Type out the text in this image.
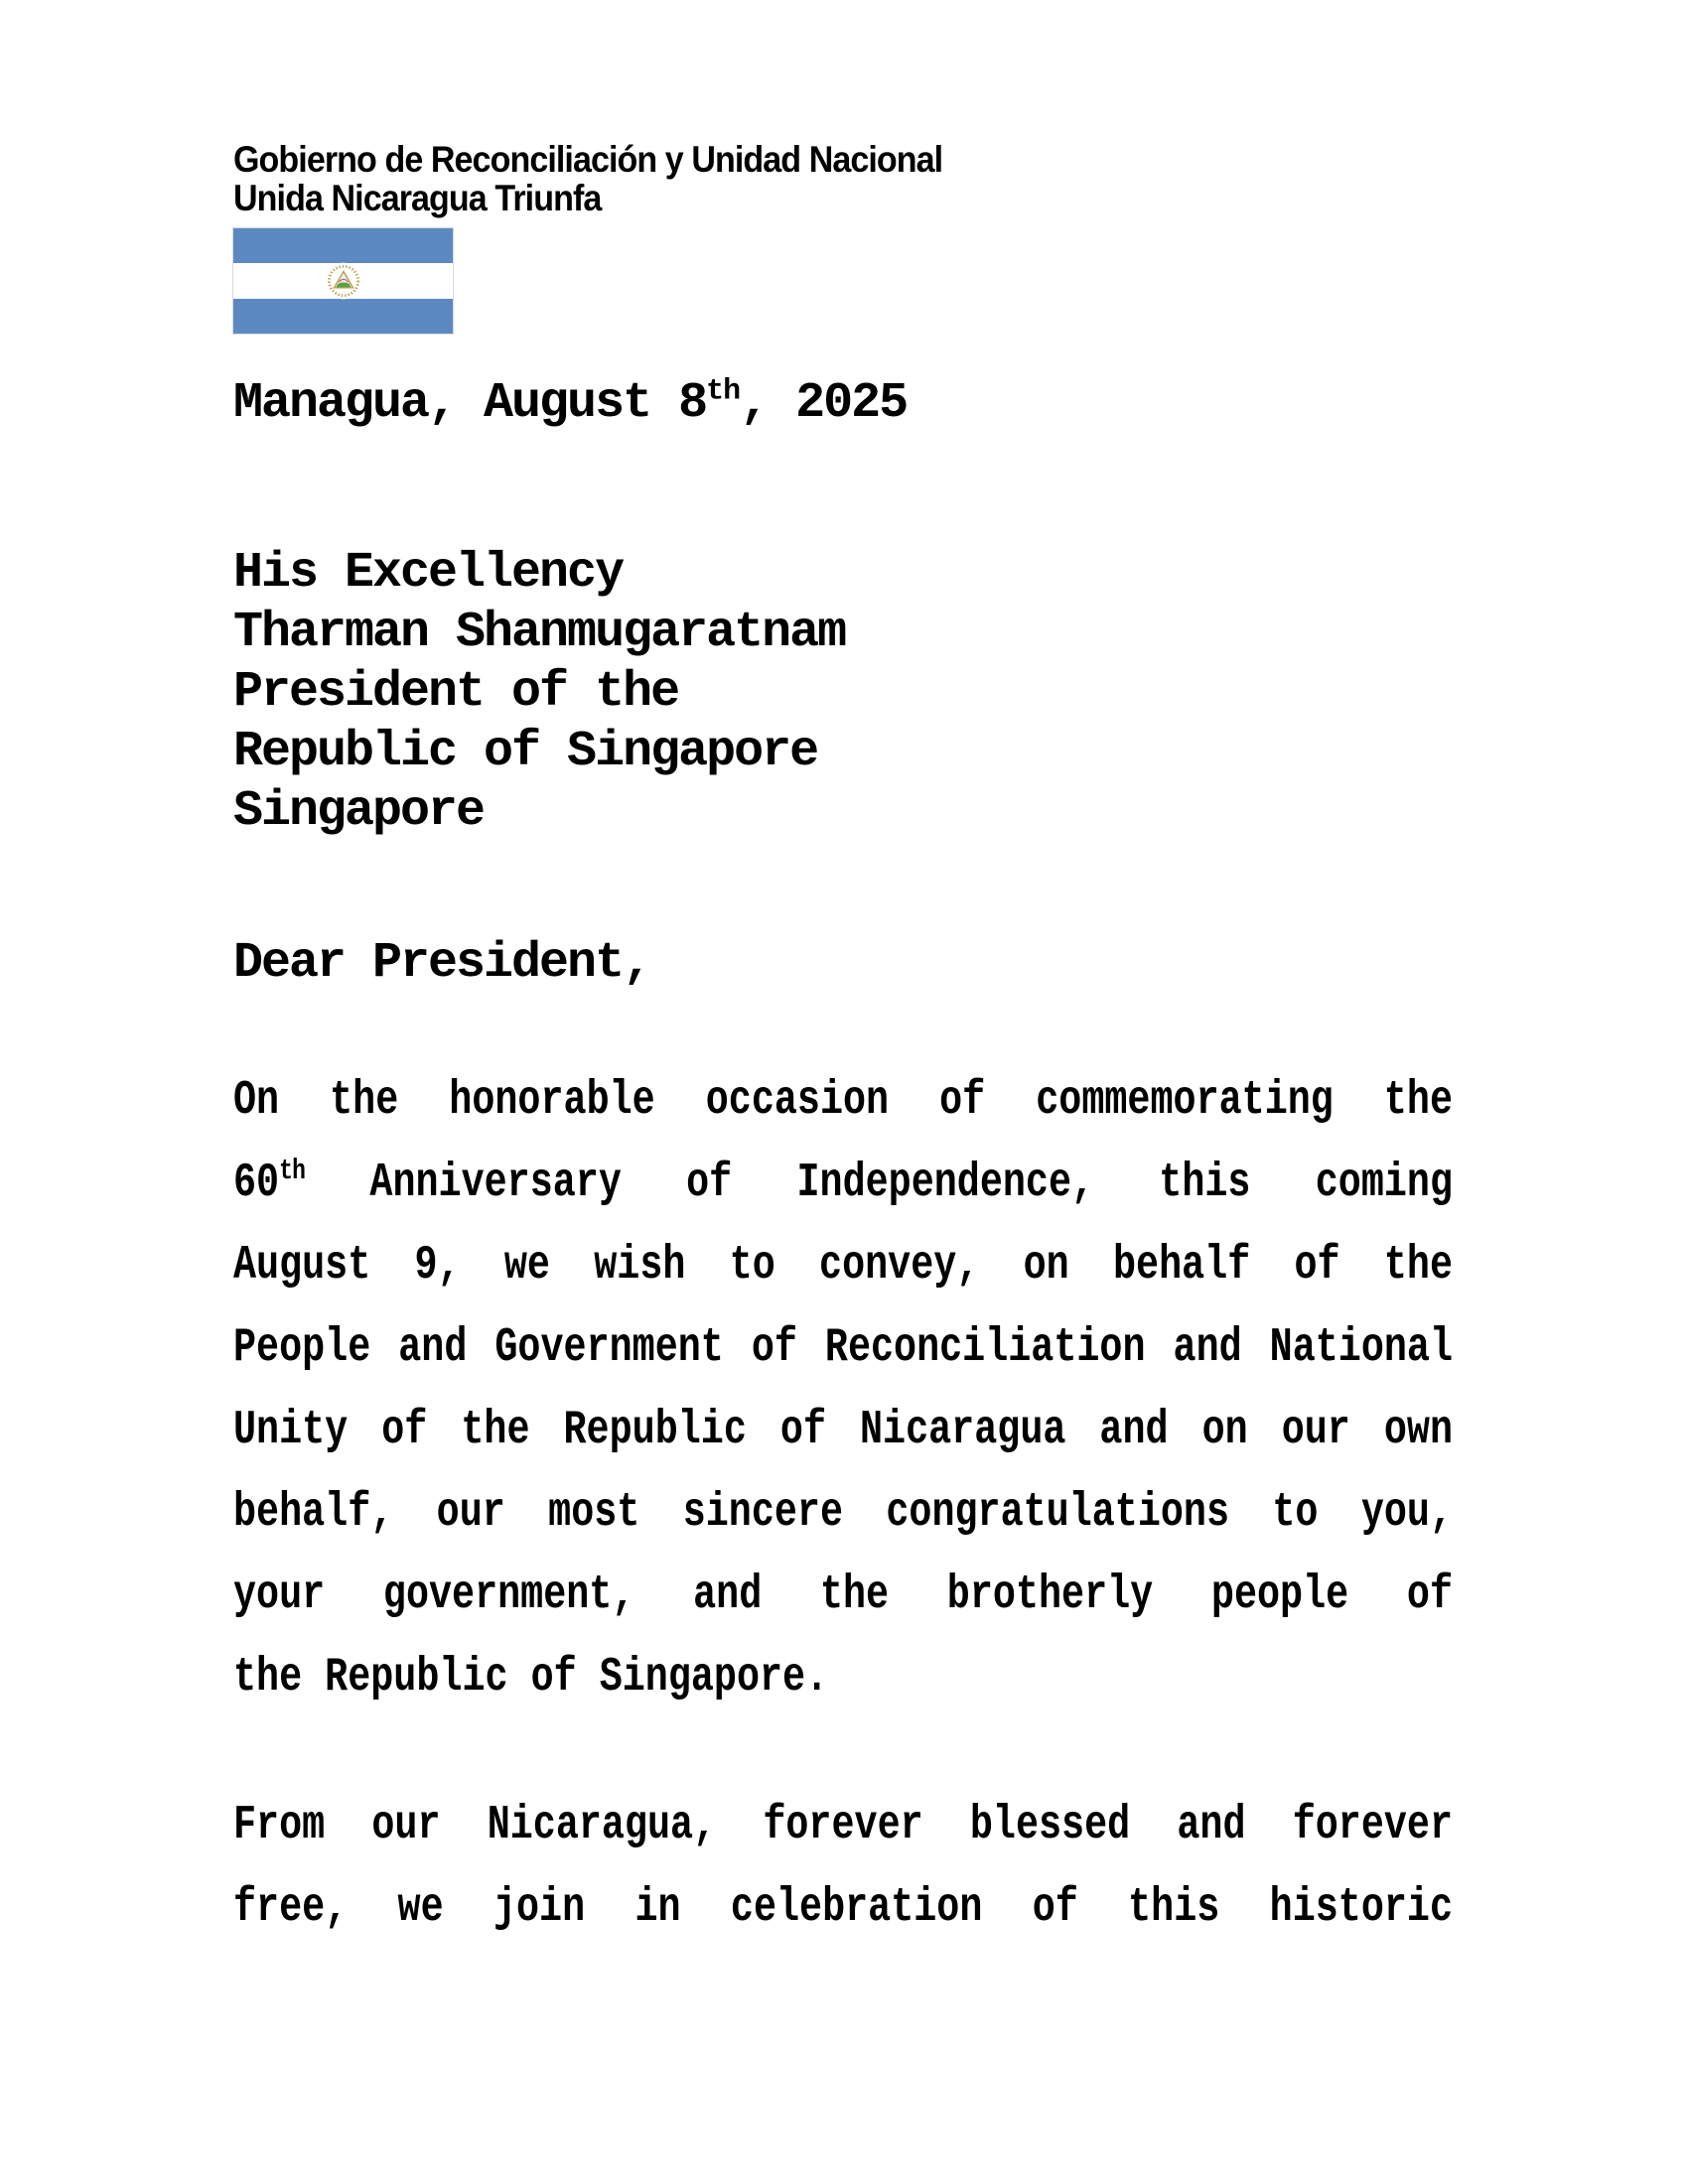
Gobierno de Reconciliación y Unidad Nacional
Unida Nicaragua Triunfa
Managua, August 8th, 2025
His Excellency
Tharman Shanmugaratnam
President of the
Republic of Singapore
Singapore
Dear President,
On the honorable occasion of commemorating the
60th Anniversary of Independence, this coming
August 9, we wish to convey, on behalf of the
People and Government of Reconciliation and National
Unity of the Republic of Nicaragua and on our own
behalf, our most sincere congratulations to you,
your government, and the brotherly people of
the Republic of Singapore.
From our Nicaragua, forever blessed and forever
free, we join in celebration of this historic
